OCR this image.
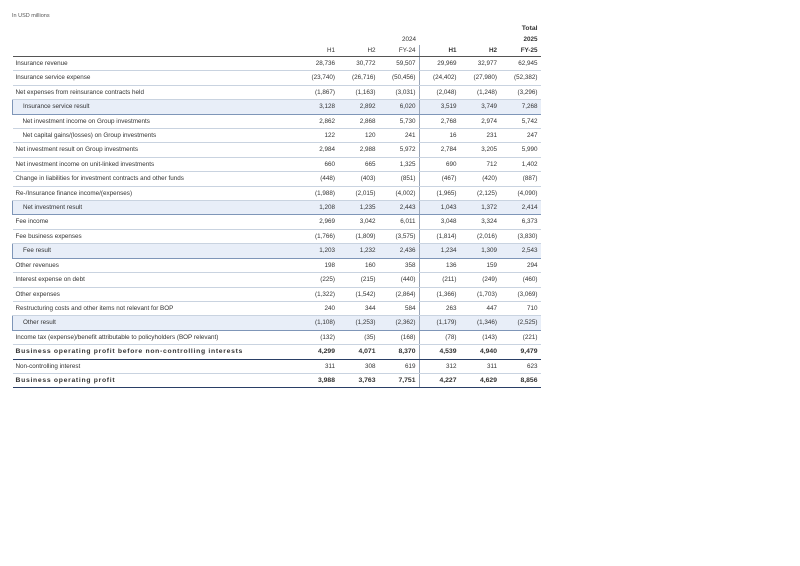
In USD millions
						Total
			2024			2025
	H1	H2	FY-24	H1	H2	FY-25
Insurance revenue	28,736	30,772	59,507	29,969	32,977	62,945
Insurance service expense	(23,740)	(26,716)	(50,456)	(24,402)	(27,980)	(52,382)
Net expenses from reinsurance contracts held	(1,867)	(1,163)	(3,031)	(2,048)	(1,248)	(3,296)
Insurance service result	3,128	2,892	6,020	3,519	3,749	7,268
Net investment income on Group investments	2,862	2,868	5,730	2,768	2,974	5,742
Net capital gains/(losses) on Group investments	122	120	241	16	231	247
Net investment result on Group investments	2,984	2,988	5,972	2,784	3,205	5,990
Net investment income on unit-linked investments	660	665	1,325	690	712	1,402
Change in liabilities for investment contracts and other funds	(448)	(403)	(851)	(467)	(420)	(887)
Re-/Insurance finance income/(expenses)	(1,988)	(2,015)	(4,002)	(1,965)	(2,125)	(4,090)
Net investment result	1,208	1,235	2,443	1,043	1,372	2,414
Fee income	2,969	3,042	6,011	3,048	3,324	6,373
Fee business expenses	(1,766)	(1,809)	(3,575)	(1,814)	(2,016)	(3,830)
Fee result	1,203	1,232	2,436	1,234	1,309	2,543
Other revenues	198	160	358	136	159	294
Interest expense on debt	(225)	(215)	(440)	(211)	(249)	(460)
Other expenses	(1,322)	(1,542)	(2,864)	(1,366)	(1,703)	(3,069)
Restructuring costs and other items not relevant for BOP	240	344	584	263	447	710
Other result	(1,108)	(1,253)	(2,362)	(1,179)	(1,346)	(2,525)
Income tax (expense)/benefit attributable to policyholders (BOP relevant)	(132)	(35)	(168)	(78)	(143)	(221)
Business operating profit before non-controlling interests	4,299	4,071	8,370	4,539	4,940	9,479
Non-controlling interest	311	308	619	312	311	623
Business operating profit	3,988	3,763	7,751	4,227	4,629	8,856
